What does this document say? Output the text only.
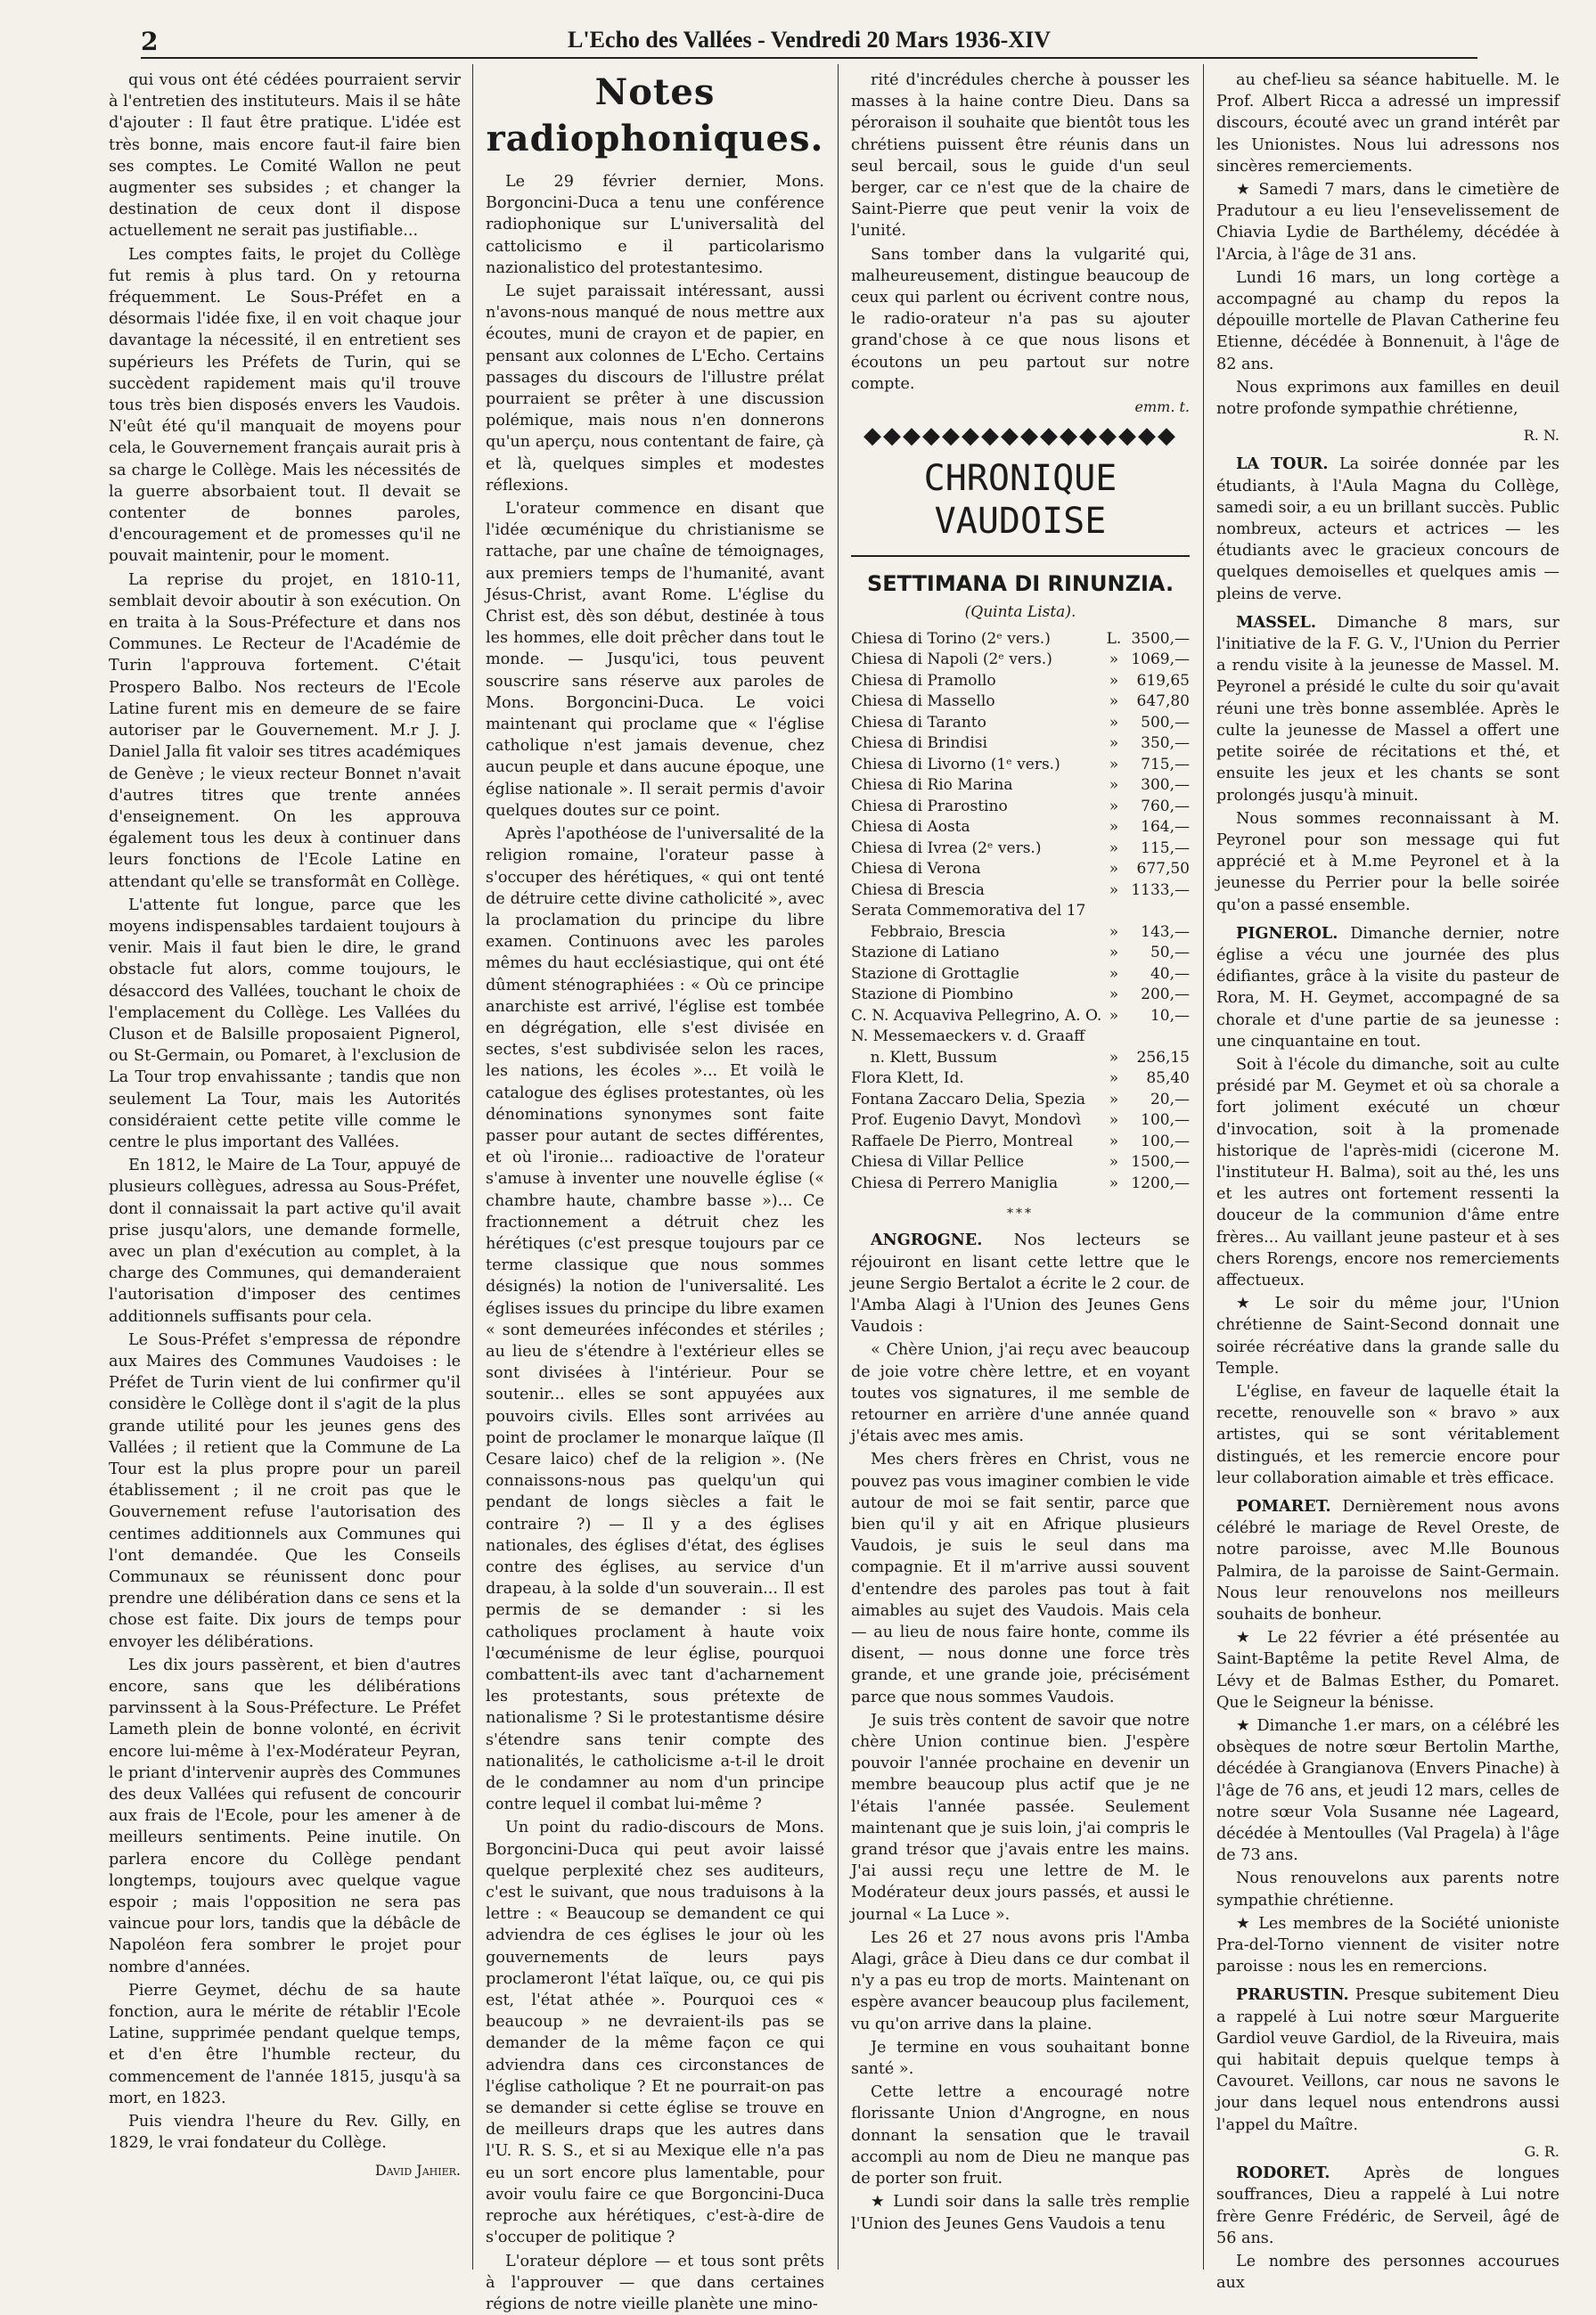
2	L'Echo des Vallées - Vendredi 20 Mars 1936-XIV

qui vous ont été cédées pourraient servir à l'entretien des instituteurs. Mais il se hâte d'ajouter : Il faut être pratique. L'idée est très bonne, mais encore faut-il faire bien ses comptes. Le Comité Wallon ne peut augmenter ses subsides ; et changer la destination de ceux dont il dispose actuellement ne serait pas justifiable...

Les comptes faits, le projet du Collège fut remis à plus tard. On y retourna fréquemment. Le Sous-Préfet en a désormais l'idée fixe, il en voit chaque jour davantage la nécessité, il en entretient ses supérieurs les Préfets de Turin, qui se succèdent rapidement mais qu'il trouve tous très bien disposés envers les Vaudois. N'eût été qu'il manquait de moyens pour cela, le Gouvernement français aurait pris à sa charge le Collège. Mais les nécessités de la guerre absorbaient tout. Il devait se contenter de bonnes paroles, d'encouragement et de promesses qu'il ne pouvait maintenir, pour le moment.

La reprise du projet, en 1810-11, semblait devoir aboutir à son exécution. On en traita à la Sous-Préfecture et dans nos Communes. Le Recteur de l'Académie de Turin l'approuva fortement. C'était Prospero Balbo. Nos recteurs de l'Ecole Latine furent mis en demeure de se faire autoriser par le Gouvernement. M.r J. J. Daniel Jalla fit valoir ses titres académiques de Genève ; le vieux recteur Bonnet n'avait d'autres titres que trente années d'enseignement. On les approuva également tous les deux à continuer dans leurs fonctions de l'Ecole Latine en attendant qu'elle se transformât en Collège.

L'attente fut longue, parce que les moyens indispensables tardaient toujours à venir. Mais il faut bien le dire, le grand obstacle fut alors, comme toujours, le désaccord des Vallées, touchant le choix de l'emplacement du Collège. Les Vallées du Cluson et de Balsille proposaient Pignerol, ou St-Germain, ou Pomaret, à l'exclusion de La Tour trop envahissante ; tandis que non seulement La Tour, mais les Autorités considéraient cette petite ville comme le centre le plus important des Vallées.

En 1812, le Maire de La Tour, appuyé de plusieurs collègues, adressa au Sous-Préfet, dont il connaissait la part active qu'il avait prise jusqu'alors, une demande formelle, avec un plan d'exécution au complet, à la charge des Communes, qui demanderaient l'autorisation d'imposer des centimes additionnels suffisants pour cela.

Le Sous-Préfet s'empressa de répondre aux Maires des Communes Vaudoises : le Préfet de Turin vient de lui confirmer qu'il considère le Collège dont il s'agit de la plus grande utilité pour les jeunes gens des Vallées ; il retient que la Commune de La Tour est la plus propre pour un pareil établissement ; il ne croit pas que le Gouvernement refuse l'autorisation des centimes additionnels aux Communes qui l'ont demandée. Que les Conseils Communaux se réunissent donc pour prendre une délibération dans ce sens et la chose est faite. Dix jours de temps pour envoyer les délibérations.

Les dix jours passèrent, et bien d'autres encore, sans que les délibérations parvinssent à la Sous-Préfecture. Le Préfet Lameth plein de bonne volonté, en écrivit encore lui-même à l'ex-Modérateur Peyran, le priant d'intervenir auprès des Communes des deux Vallées qui refusent de concourir aux frais de l'Ecole, pour les amener à de meilleurs sentiments. Peine inutile. On parlera encore du Collège pendant longtemps, toujours avec quelque vague espoir ; mais l'opposition ne sera pas vaincue pour lors, tandis que la débâcle de Napoléon fera sombrer le projet pour nombre d'années.

Pierre Geymet, déchu de sa haute fonction, aura le mérite de rétablir l'Ecole Latine, supprimée pendant quelque temps, et d'en être l'humble recteur, du commencement de l'année 1815, jusqu'à sa mort, en 1823.

Puis viendra l'heure du Rev. Gilly, en 1829, le vrai fondateur du Collège.

David Jahier.
Notes radiophoniques.

Le 29 février dernier, Mons. Borgoncini-Duca a tenu une conférence radiophonique sur L'universalità del cattolicismo e il particolarismo nazionalistico del protestantesimo.

Le sujet paraissait intéressant, aussi n'avons-nous manqué de nous mettre aux écoutes, muni de crayon et de papier, en pensant aux colonnes de L'Echo. Certains passages du discours de l'illustre prélat pourraient se prêter à une discussion polémique, mais nous n'en donnerons qu'un aperçu, nous contentant de faire, çà et là, quelques simples et modestes réflexions.

L'orateur commence en disant que l'idée œcuménique du christianisme se rattache, par une chaîne de témoignages, aux premiers temps de l'humanité, avant Jésus-Christ, avant Rome. L'église du Christ est, dès son début, destinée à tous les hommes, elle doit prêcher dans tout le monde. — Jusqu'ici, tous peuvent souscrire sans réserve aux paroles de Mons. Borgoncini-Duca. Le voici maintenant qui proclame que « l'église catholique n'est jamais devenue, chez aucun peuple et dans aucune époque, une église nationale ». Il serait permis d'avoir quelques doutes sur ce point.

Après l'apothéose de l'universalité de la religion romaine, l'orateur passe à s'occuper des hérétiques, « qui ont tenté de détruire cette divine catholicité », avec la proclamation du principe du libre examen. Continuons avec les paroles mêmes du haut ecclésiastique, qui ont été dûment sténographiées : « Où ce principe anarchiste est arrivé, l'église est tombée en dégrégation, elle s'est divisée en sectes, s'est subdivisée selon les races, les nations, les écoles »... Et voilà le catalogue des églises protestantes, où les dénominations synonymes sont faite passer pour autant de sectes différentes, et où l'ironie... radioactive de l'orateur s'amuse à inventer une nouvelle église (« chambre haute, chambre basse »)... Ce fractionnement a détruit chez les hérétiques (c'est presque toujours par ce terme classique que nous sommes désignés) la notion de l'universalité. Les églises issues du principe du libre examen « sont demeurées infécondes et stériles ; au lieu de s'étendre à l'extérieur elles se sont divisées à l'intérieur. Pour se soutenir... elles se sont appuyées aux pouvoirs civils. Elles sont arrivées au point de proclamer le monarque laïque (Il Cesare laico) chef de la religion ». (Ne connaissons-nous pas quelqu'un qui pendant de longs siècles a fait le contraire ?) — Il y a des églises nationales, des églises d'état, des églises contre des églises, au service d'un drapeau, à la solde d'un souverain... Il est permis de se demander : si les catholiques proclament à haute voix l'œcuménisme de leur église, pourquoi combattent-ils avec tant d'acharnement les protestants, sous prétexte de nationalisme ? Si le protestantisme désire s'étendre sans tenir compte des nationalités, le catholicisme a-t-il le droit de le condamner au nom d'un principe contre lequel il combat lui-même ?

Un point du radio-discours de Mons. Borgoncini-Duca qui peut avoir laissé quelque perplexité chez ses auditeurs, c'est le suivant, que nous traduisons à la lettre : « Beaucoup se demandent ce qui adviendra de ces églises le jour où les gouvernements de leurs pays proclameront l'état laïque, ou, ce qui pis est, l'état athée ». Pourquoi ces « beaucoup » ne devraient-ils pas se demander de la même façon ce qui adviendra dans ces circonstances de l'église catholique ? Et ne pourrait-on pas se demander si cette église se trouve en de meilleurs draps que les autres dans l'U. R. S. S., et si au Mexique elle n'a pas eu un sort encore plus lamentable, pour avoir voulu faire ce que Borgoncini-Duca reproche aux hérétiques, c'est-à-dire de s'occuper de politique ?

L'orateur déplore — et tous sont prêts à l'approuver — que dans certaines régions de notre vieille planète une mino-

rité d'incrédules cherche à pousser les masses à la haine contre Dieu. Dans sa péroraison il souhaite que bientôt tous les chrétiens puissent être réunis dans un seul bercail, sous le guide d'un seul berger, car ce n'est que de la chaire de Saint-Pierre que peut venir la voix de l'unité.

Sans tomber dans la vulgarité qui, malheureusement, distingue beaucoup de ceux qui parlent ou écrivent contre nous, le radio-orateur n'a pas su ajouter grand'chose à ce que nous lisons et écoutons un peu partout sur notre compte.

emm. t.
◆◆◆◆◆◆◆◆◆◆◆◆◆◆◆◆
CHRONIQUE VAUDOISE
SETTIMANA DI RINUNZIA.
(Quinta Lista).
Chiesa di Torino (2ᵉ vers.)	L.	3500,—
Chiesa di Napoli (2ᵉ vers.)	»	1069,—
Chiesa di Pramollo	»	619,65
Chiesa di Massello	»	647,80
Chiesa di Taranto	»	500,—
Chiesa di Brindisi	»	350,—
Chiesa di Livorno (1ᵉ vers.)	»	715,—
Chiesa di Rio Marina	»	300,—
Chiesa di Prarostino	»	760,—
Chiesa di Aosta	»	164,—
Chiesa di Ivrea (2ᵉ vers.)	»	115,—
Chiesa di Verona	»	677,50
Chiesa di Brescia	»	1133,—
Serata Commemorativa del 17		
Febbraio, Brescia	»	143,—
Stazione di Latiano	»	50,—
Stazione di Grottaglie	»	40,—
Stazione di Piombino	»	200,—
C. N. Acquaviva Pellegrino, A. O.	»	10,—
N. Messemaeckers v. d. Graaff		
n. Klett, Bussum	»	256,15
Flora Klett, Id.	»	85,40
Fontana Zaccaro Delia, Spezia	»	20,—
Prof. Eugenio Davyt, Mondovì	»	100,—
Raffaele De Pierro, Montreal	»	100,—
Chiesa di Villar Pellice	»	1500,—
Chiesa di Perrero Maniglia	»	1200,—
***

ANGROGNE. Nos lecteurs se réjouiront en lisant cette lettre que le jeune Sergio Bertalot a écrite le 2 cour. de l'Amba Alagi à l'Union des Jeunes Gens Vaudois :

« Chère Union, j'ai reçu avec beaucoup de joie votre chère lettre, et en voyant toutes vos signatures, il me semble de retourner en arrière d'une année quand j'étais avec mes amis.

Mes chers frères en Christ, vous ne pouvez pas vous imaginer combien le vide autour de moi se fait sentir, parce que bien qu'il y ait en Afrique plusieurs Vaudois, je suis le seul dans ma compagnie. Et il m'arrive aussi souvent d'entendre des paroles pas tout à fait aimables au sujet des Vaudois. Mais cela — au lieu de nous faire honte, comme ils disent, — nous donne une force très grande, et une grande joie, précisément parce que nous sommes Vaudois.

Je suis très content de savoir que notre chère Union continue bien. J'espère pouvoir l'année prochaine en devenir un membre beaucoup plus actif que je ne l'étais l'année passée. Seulement maintenant que je suis loin, j'ai compris le grand trésor que j'avais entre les mains. J'ai aussi reçu une lettre de M. le Modérateur deux jours passés, et aussi le journal « La Luce ».

Les 26 et 27 nous avons pris l'Amba Alagi, grâce à Dieu dans ce dur combat il n'y a pas eu trop de morts. Maintenant on espère avancer beaucoup plus facilement, vu qu'on arrive dans la plaine.

Je termine en vous souhaitant bonne santé ».

Cette lettre a encouragé notre florissante Union d'Angrogne, en nous donnant la sensation que le travail accompli au nom de Dieu ne manque pas de porter son fruit.

★ Lundi soir dans la salle très remplie l'Union des Jeunes Gens Vaudois a tenu

au chef-lieu sa séance habituelle. M. le Prof. Albert Ricca a adressé un impressif discours, écouté avec un grand intérêt par les Unionistes. Nous lui adressons nos sincères remerciements.

★ Samedi 7 mars, dans le cimetière de Pradutour a eu lieu l'ensevelissement de Chiavia Lydie de Barthélemy, décédée à l'Arcia, à l'âge de 31 ans.

Lundi 16 mars, un long cortège a accompagné au champ du repos la dépouille mortelle de Plavan Catherine feu Etienne, décédée à Bonnenuit, à l'âge de 82 ans.

Nous exprimons aux familles en deuil notre profonde sympathie chrétienne,

R. N.

LA TOUR. La soirée donnée par les étudiants, à l'Aula Magna du Collège, samedi soir, a eu un brillant succès. Public nombreux, acteurs et actrices — les étudiants avec le gracieux concours de quelques demoiselles et quelques amis — pleins de verve.

MASSEL. Dimanche 8 mars, sur l'initiative de la F. G. V., l'Union du Perrier a rendu visite à la jeunesse de Massel. M. Peyronel a présidé le culte du soir qu'avait réuni une très bonne assemblée. Après le culte la jeunesse de Massel a offert une petite soirée de récitations et thé, et ensuite les jeux et les chants se sont prolongés jusqu'à minuit.

Nous sommes reconnaissant à M. Peyronel pour son message qui fut apprécié et à M.me Peyronel et à la jeunesse du Perrier pour la belle soirée qu'on a passé ensemble.

PIGNEROL. Dimanche dernier, notre église a vécu une journée des plus édifiantes, grâce à la visite du pasteur de Rora, M. H. Geymet, accompagné de sa chorale et d'une partie de sa jeunesse : une cinquantaine en tout.

Soit à l'école du dimanche, soit au culte présidé par M. Geymet et où sa chorale a fort joliment exécuté un chœur d'invocation, soit à la promenade historique de l'après-midi (cicerone M. l'instituteur H. Balma), soit au thé, les uns et les autres ont fortement ressenti la douceur de la communion d'âme entre frères... Au vaillant jeune pasteur et à ses chers Rorengs, encore nos remerciements affectueux.

★ Le soir du même jour, l'Union chrétienne de Saint-Second donnait une soirée récréative dans la grande salle du Temple.

L'église, en faveur de laquelle était la recette, renouvelle son « bravo » aux artistes, qui se sont véritablement distingués, et les remercie encore pour leur collaboration aimable et très efficace.

POMARET. Dernièrement nous avons célébré le mariage de Revel Oreste, de notre paroisse, avec M.lle Bounous Palmira, de la paroisse de Saint-Germain. Nous leur renouvelons nos meilleurs souhaits de bonheur.

★ Le 22 février a été présentée au Saint-Baptême la petite Revel Alma, de Lévy et de Balmas Esther, du Pomaret. Que le Seigneur la bénisse.

★ Dimanche 1.er mars, on a célébré les obsèques de notre sœur Bertolin Marthe, décédée à Grangianova (Envers Pinache) à l'âge de 76 ans, et jeudi 12 mars, celles de notre sœur Vola Susanne née Lageard, décédée à Mentoulles (Val Pragela) à l'âge de 73 ans.

Nous renouvelons aux parents notre sympathie chrétienne.

★ Les membres de la Société unioniste Pra-del-Torno viennent de visiter notre paroisse : nous les en remercions.

PRARUSTIN. Presque subitement Dieu a rappelé à Lui notre sœur Marguerite Gardiol veuve Gardiol, de la Riveuira, mais qui habitait depuis quelque temps à Cavouret. Veillons, car nous ne savons le jour dans lequel nous entendrons aussi l'appel du Maître.

G. R.

RODORET. Après de longues souffrances, Dieu a rappelé à Lui notre frère Genre Frédéric, de Serveil, âgé de 56 ans.

Le nombre des personnes accourues aux
